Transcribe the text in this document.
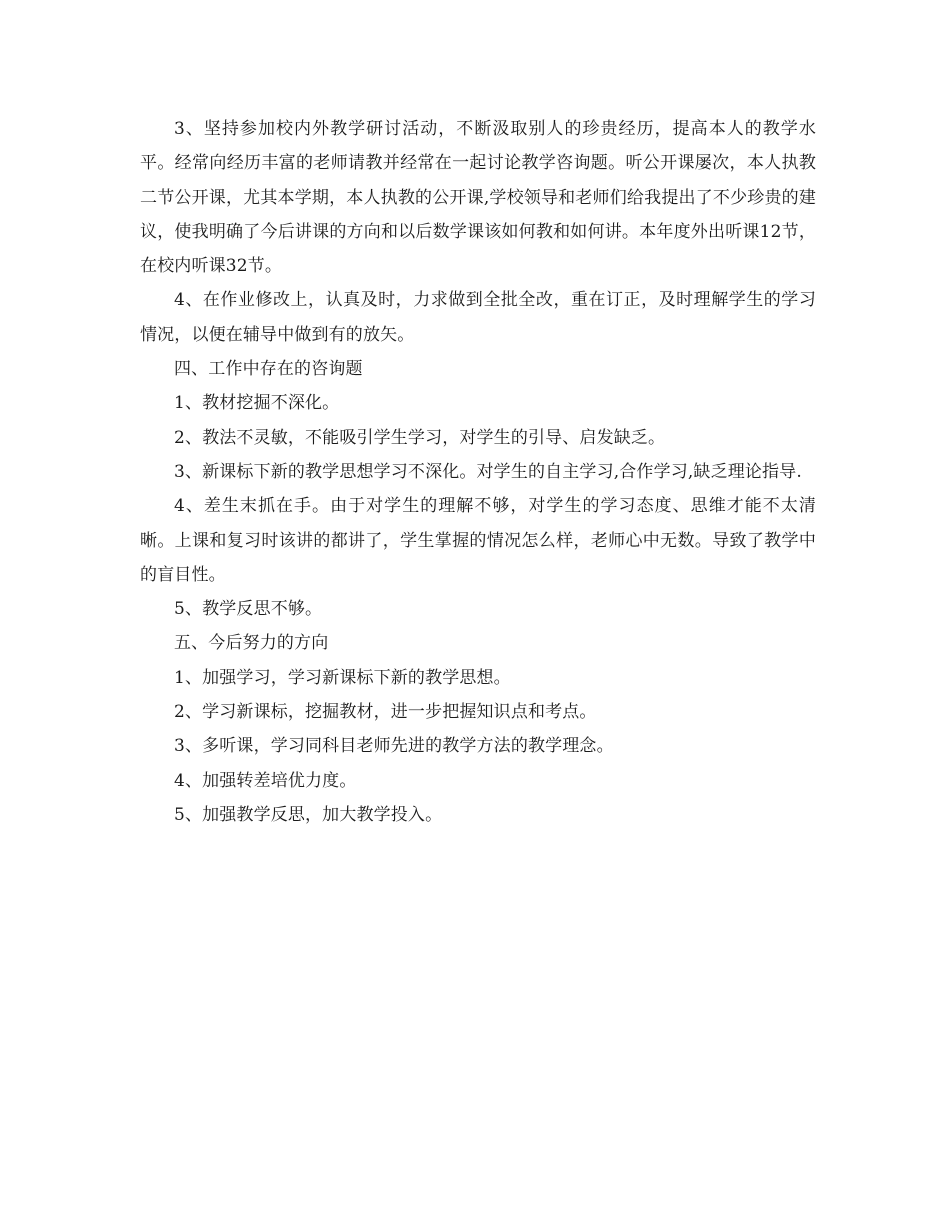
3、坚持参加校内外教学研讨活动，不断汲取别人的珍贵经历，提高本人的教学水平。经常向经历丰富的老师请教并经常在一起讨论教学咨询题。听公开课屡次，本人执教二节公开课，尤其本学期，本人执教的公开课,学校领导和老师们给我提出了不少珍贵的建议，使我明确了今后讲课的方向和以后数学课该如何教和如何讲。本年度外出听课12节，在校内听课32节。

4、在作业修改上，认真及时，力求做到全批全改，重在订正，及时理解学生的学习情况，以便在辅导中做到有的放矢。

四、工作中存在的咨询题

1、教材挖掘不深化。

2、教法不灵敏，不能吸引学生学习，对学生的引导、启发缺乏。

3、新课标下新的教学思想学习不深化。对学生的自主学习,合作学习,缺乏理论指导.

4、差生末抓在手。由于对学生的理解不够，对学生的学习态度、思维才能不太清晰。上课和复习时该讲的都讲了，学生掌握的情况怎么样，老师心中无数。导致了教学中的盲目性。

5、教学反思不够。

五、今后努力的方向

1、加强学习，学习新课标下新的教学思想。

2、学习新课标，挖掘教材，进一步把握知识点和考点。

3、多听课，学习同科目老师先进的教学方法的教学理念。

4、加强转差培优力度。

5、加强教学反思，加大教学投入。
